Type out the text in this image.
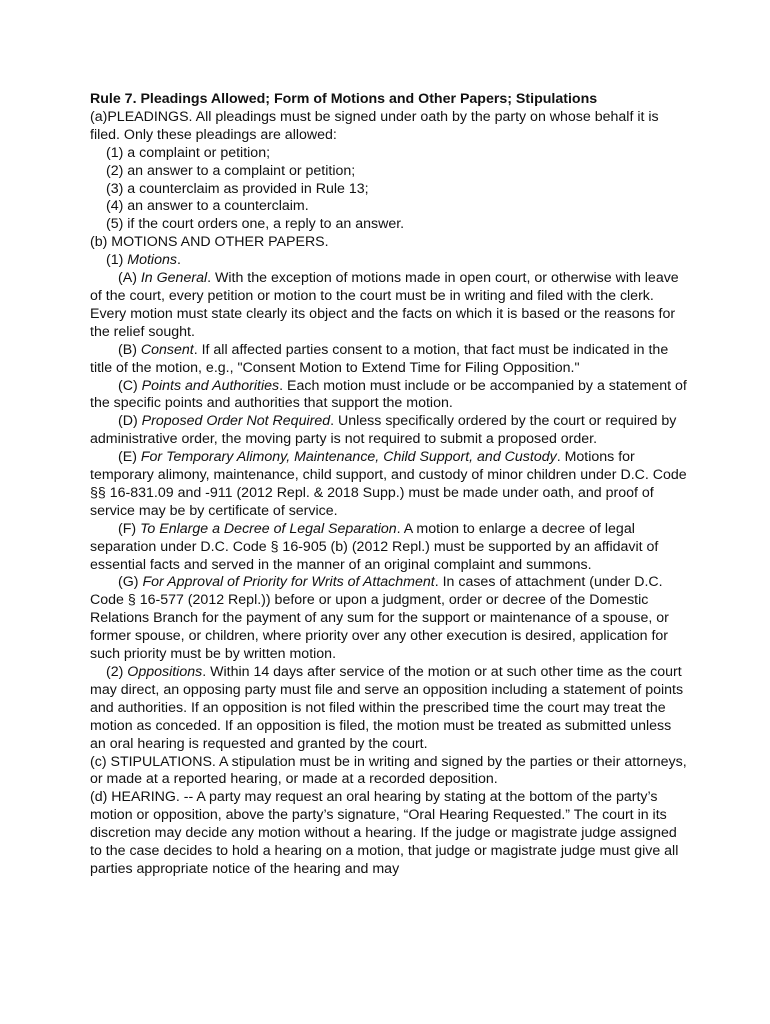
Rule 7. Pleadings Allowed; Form of Motions and Other Papers; Stipulations

(a)PLEADINGS. All pleadings must be signed under oath by the party on whose behalf it is filed. Only these pleadings are allowed:

(1) a complaint or petition;

(2) an answer to a complaint or petition;

(3) a counterclaim as provided in Rule 13;

(4) an answer to a counterclaim.

(5) if the court orders one, a reply to an answer.

(b) MOTIONS AND OTHER PAPERS.

(1) Motions.

(A) In General. With the exception of motions made in open court, or otherwise with leave of the court, every petition or motion to the court must be in writing and filed with the clerk. Every motion must state clearly its object and the facts on which it is based or the reasons for the relief sought.

(B) Consent. If all affected parties consent to a motion, that fact must be indicated in the title of the motion, e.g., "Consent Motion to Extend Time for Filing Opposition."

(C) Points and Authorities. Each motion must include or be accompanied by a statement of the specific points and authorities that support the motion.

(D) Proposed Order Not Required. Unless specifically ordered by the court or required by administrative order, the moving party is not required to submit a proposed order.

(E) For Temporary Alimony, Maintenance, Child Support, and Custody. Motions for temporary alimony, maintenance, child support, and custody of minor children under D.C. Code §§ 16-831.09 and -911 (2012 Repl. & 2018 Supp.) must be made under oath, and proof of service may be by certificate of service.

(F) To Enlarge a Decree of Legal Separation. A motion to enlarge a decree of legal separation under D.C. Code § 16-905 (b) (2012 Repl.) must be supported by an affidavit of essential facts and served in the manner of an original complaint and summons.

(G) For Approval of Priority for Writs of Attachment. In cases of attachment (under D.C. Code § 16-577 (2012 Repl.)) before or upon a judgment, order or decree of the Domestic Relations Branch for the payment of any sum for the support or maintenance of a spouse, or former spouse, or children, where priority over any other execution is desired, application for such priority must be by written motion.

(2) Oppositions. Within 14 days after service of the motion or at such other time as the court may direct, an opposing party must file and serve an opposition including a statement of points and authorities. If an opposition is not filed within the prescribed time the court may treat the motion as conceded. If an opposition is filed, the motion must be treated as submitted unless an oral hearing is requested and granted by the court.

(c) STIPULATIONS. A stipulation must be in writing and signed by the parties or their attorneys, or made at a reported hearing, or made at a recorded deposition.

(d) HEARING. -- A party may request an oral hearing by stating at the bottom of the party’s motion or opposition, above the party’s signature, “Oral Hearing Requested.” The court in its discretion may decide any motion without a hearing. If the judge or magistrate judge assigned to the case decides to hold a hearing on a motion, that judge or magistrate judge must give all parties appropriate notice of the hearing and may
